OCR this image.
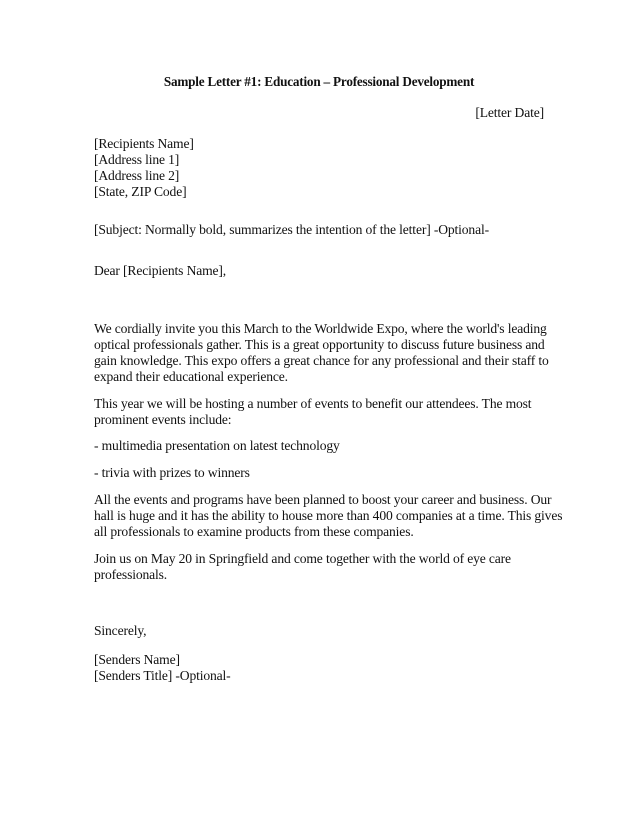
Sample Letter #1: Education – Professional Development
[Letter Date]
[Recipients Name]
[Address line 1]
[Address line 2]
[State, ZIP Code]
[Subject: Normally bold, summarizes the intention of the letter] -Optional-
Dear [Recipients Name],
We cordially invite you this March to the Worldwide Expo, where the world's leading
optical professionals gather. This is a great opportunity to discuss future business and
gain knowledge. This expo offers a great chance for any professional and their staff to
expand their educational experience.
This year we will be hosting a number of events to benefit our attendees. The most
prominent events include:
- multimedia presentation on latest technology
- trivia with prizes to winners
All the events and programs have been planned to boost your career and business. Our
hall is huge and it has the ability to house more than 400 companies at a time. This gives
all professionals to examine products from these companies.
Join us on May 20 in Springfield and come together with the world of eye care
professionals.
Sincerely,
[Senders Name]
[Senders Title] -Optional-
